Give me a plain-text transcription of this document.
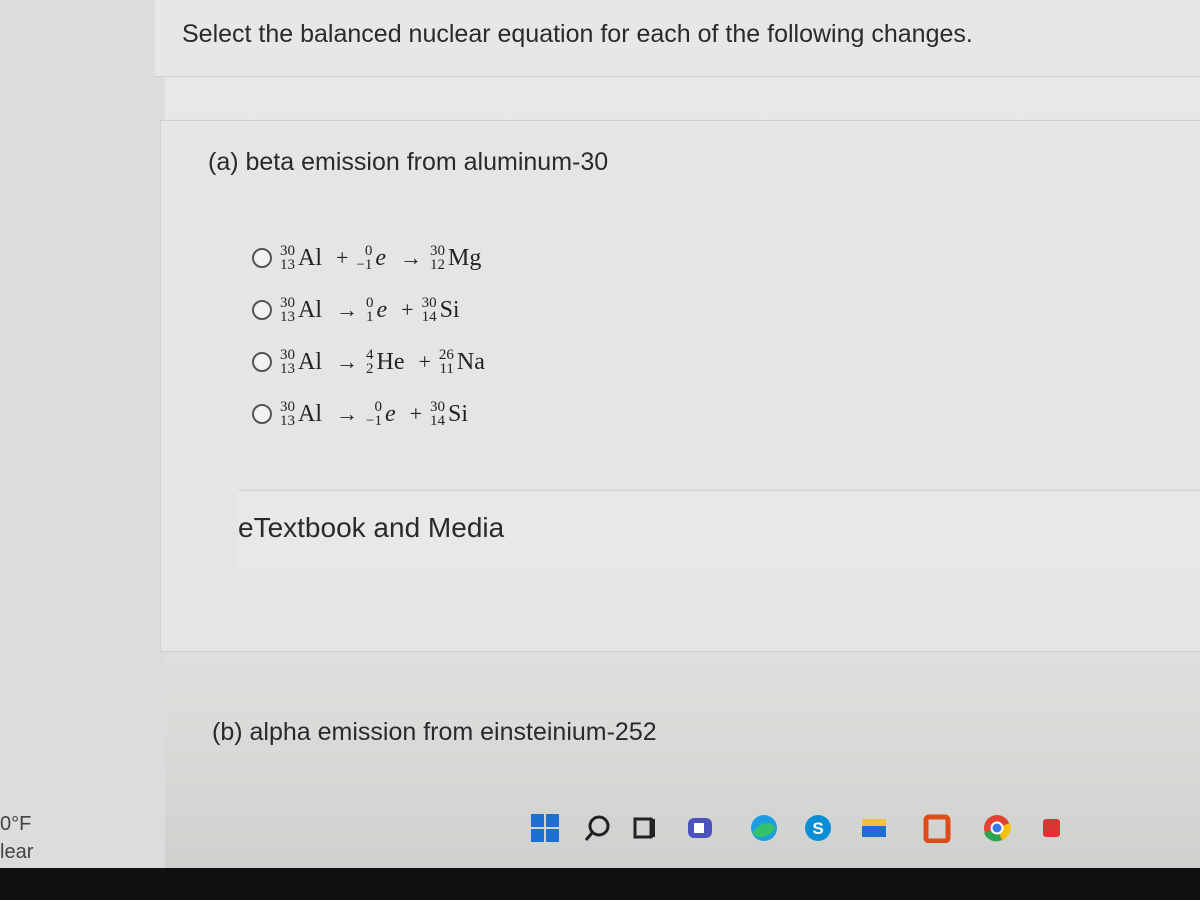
Select the balanced nuclear equation for each of the following changes.
(a) beta emission from aluminum-30
30
13 Al + 0
−1 e → 30
12 Mg
30
13 Al → 0
1 e + 30
14 Si
30
13 Al → 4
2 He + 26
11 Na
30
13 Al → 0
−1 e + 30
14 Si
eTextbook and Media
(b) alpha emission from einsteinium-252
0°F
lear
S
